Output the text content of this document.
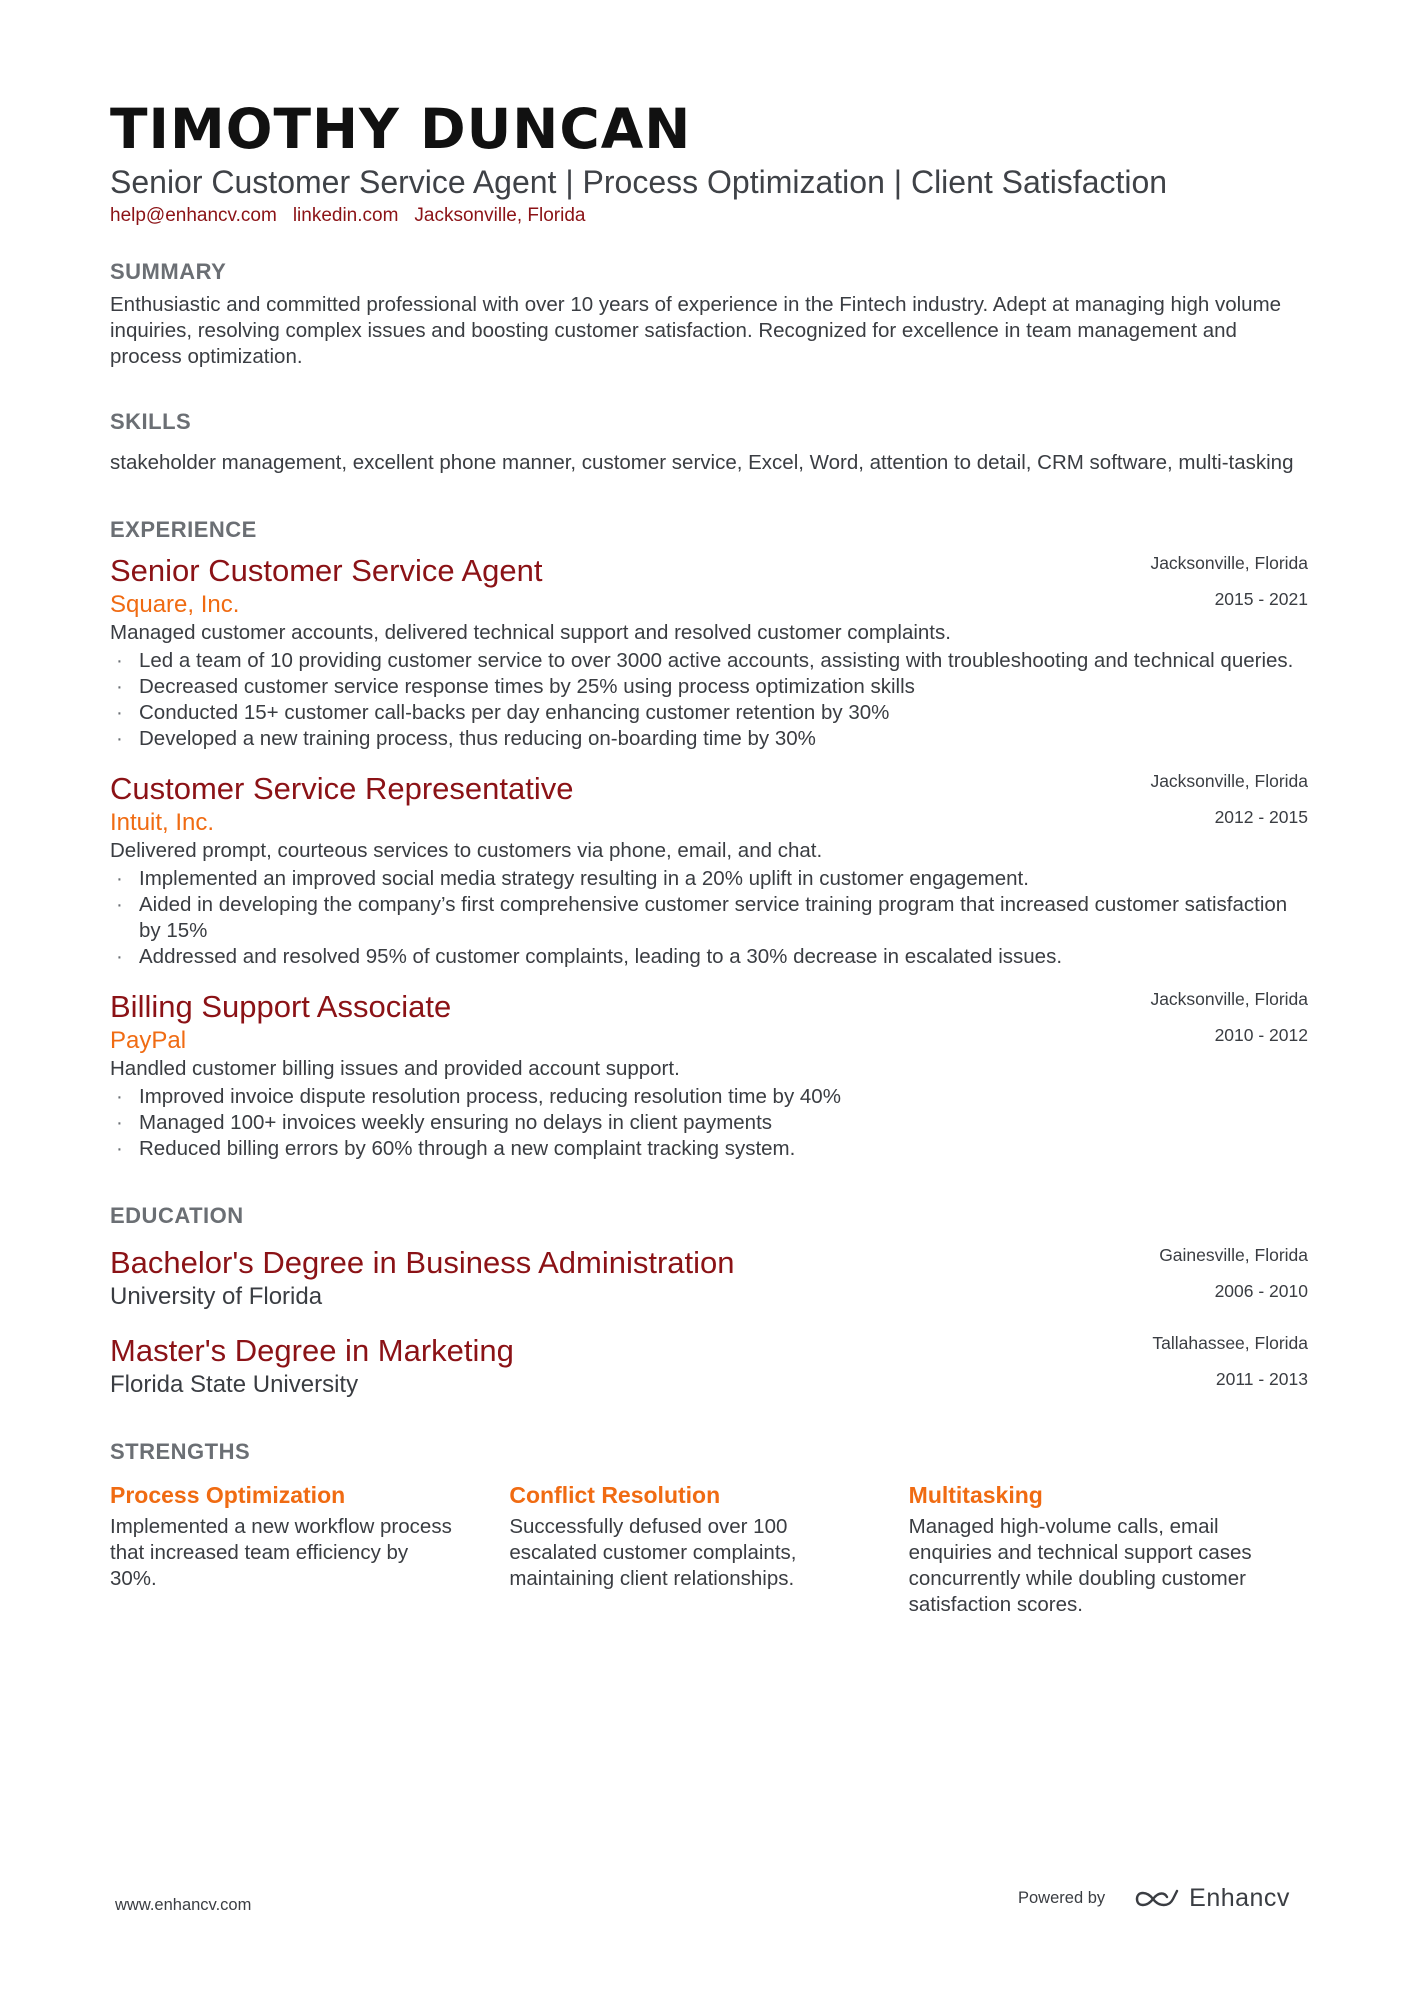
TIMOTHY DUNCAN
Senior Customer Service Agent | Process Optimization | Client Satisfaction
help@enhancv.com linkedin.com Jacksonville, Florida
SUMMARY

Enthusiastic and committed professional with over 10 years of experience in the Fintech industry. Adept at managing high volume inquiries, resolving complex issues and boosting customer satisfaction. Recognized for excellence in team management and process optimization.

SKILLS

stakeholder management, excellent phone manner, customer service, Excel, Word, attention to detail, CRM software, multi-tasking

EXPERIENCE
Senior Customer Service Agent
Square, Inc.
Jacksonville, Florida
2015 - 2021

Managed customer accounts, delivered technical support and resolved customer complaints.

· Led a team of 10 providing customer service to over 3000 active accounts, assisting with troubleshooting and technical queries.
· Decreased customer service response times by 25% using process optimization skills
· Conducted 15+ customer call-backs per day enhancing customer retention by 30%
· Developed a new training process, thus reducing on-boarding time by 30%
Customer Service Representative
Intuit, Inc.
Jacksonville, Florida
2012 - 2015

Delivered prompt, courteous services to customers via phone, email, and chat.

· Implemented an improved social media strategy resulting in a 20% uplift in customer engagement.
· Aided in developing the company’s first comprehensive customer service training program that increased customer satisfaction by 15%
· Addressed and resolved 95% of customer complaints, leading to a 30% decrease in escalated issues.
Billing Support Associate
PayPal
Jacksonville, Florida
2010 - 2012

Handled customer billing issues and provided account support.

· Improved invoice dispute resolution process, reducing resolution time by 40%
· Managed 100+ invoices weekly ensuring no delays in client payments
· Reduced billing errors by 60% through a new complaint tracking system.
EDUCATION
Bachelor's Degree in Business Administration
University of Florida
Gainesville, Florida
2006 - 2010
Master's Degree in Marketing
Florida State University
Tallahassee, Florida
2011 - 2013
STRENGTHS
Process Optimization
Implemented a new workflow process that increased team efficiency by 30%.
Conflict Resolution
Successfully defused over 100 escalated customer complaints, maintaining client relationships.
Multitasking
Managed high-volume calls, email enquiries and technical support cases concurrently while doubling customer satisfaction scores.
www.enhancv.com	Powered by	Enhancv
